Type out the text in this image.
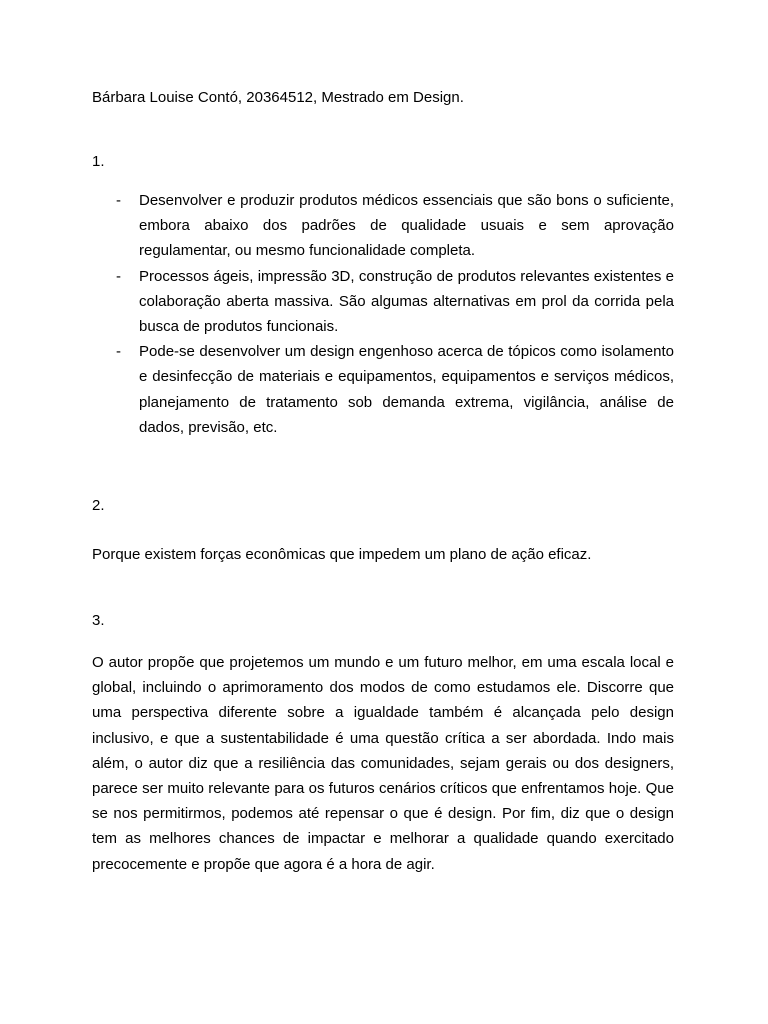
Bárbara Louise Contó, 20364512, Mestrado em Design.
1.
- Desenvolver e produzir produtos médicos essenciais que são bons o suficiente, embora abaixo dos padrões de qualidade usuais e sem aprovação regulamentar, ou mesmo funcionalidade completa.
- Processos ágeis, impressão 3D, construção de produtos relevantes existentes e colaboração aberta massiva. São algumas alternativas em prol da corrida pela busca de produtos funcionais.
- Pode-se desenvolver um design engenhoso acerca de tópicos como isolamento e desinfecção de materiais e equipamentos, equipamentos e serviços médicos, planejamento de tratamento sob demanda extrema, vigilância, análise de dados, previsão, etc.
2.

Porque existem forças econômicas que impedem um plano de ação eficaz.

3.

O autor propõe que projetemos um mundo e um futuro melhor, em uma escala local e global, incluindo o aprimoramento dos modos de como estudamos ele. Discorre que uma perspectiva diferente sobre a igualdade também é alcançada pelo design inclusivo, e que a sustentabilidade é uma questão crítica a ser abordada. Indo mais além, o autor diz que a resiliência das comunidades, sejam gerais ou dos designers, parece ser muito relevante para os futuros cenários críticos que enfrentamos hoje. Que se nos permitirmos, podemos até repensar o que é design. Por fim, diz que o design tem as melhores chances de impactar e melhorar a qualidade quando exercitado precocemente e propõe que agora é a hora de agir.
